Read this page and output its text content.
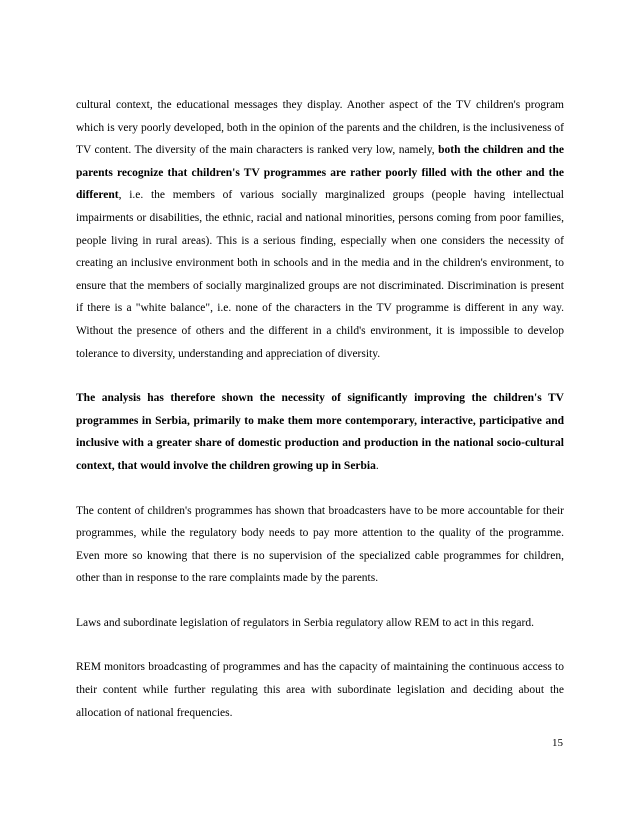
cultural context, the educational messages they display. Another aspect of the TV children's program which is very poorly developed, both in the opinion of the parents and the children, is the inclusiveness of TV content. The diversity of the main characters is ranked very low, namely, both the children and the parents recognize that children's TV programmes are rather poorly filled with the other and the different, i.e. the members of various socially marginalized groups (people having intellectual impairments or disabilities, the ethnic, racial and national minorities, persons coming from poor families, people living in rural areas). This is a serious finding, especially when one considers the necessity of creating an inclusive environment both in schools and in the media and in the children's environment, to ensure that the members of socially marginalized groups are not discriminated. Discrimination is present if there is a "white balance", i.e. none of the characters in the TV programme is different in any way. Without the presence of others and the different in a child's environment, it is impossible to develop tolerance to diversity, understanding and appreciation of diversity.

The analysis has therefore shown the necessity of significantly improving the children's TV programmes in Serbia, primarily to make them more contemporary, interactive, participative and inclusive with a greater share of domestic production and production in the national socio-cultural context, that would involve the children growing up in Serbia.

The content of children's programmes has shown that broadcasters have to be more accountable for their programmes, while the regulatory body needs to pay more attention to the quality of the programme. Even more so knowing that there is no supervision of the specialized cable programmes for children, other than in response to the rare complaints made by the parents.

Laws and subordinate legislation of regulators in Serbia regulatory allow REM to act in this regard.

REM monitors broadcasting of programmes and has the capacity of maintaining the continuous access to their content while further regulating this area with subordinate legislation and deciding about the allocation of national frequencies.

15
